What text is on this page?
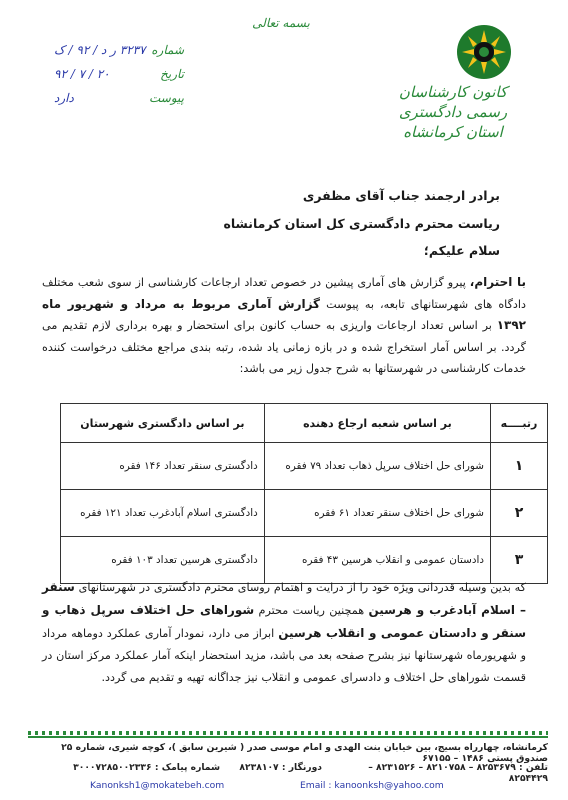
کانون کارشناسان رسمی دادگستری
استان کرمانشاه
بسمه تعالی
شماره
۳۲۳۷ ر د / ۹۲ / ک
تاریخ
۲۰ / ۷ / ۹۲
پیوست
دارد
برادر ارجمند جناب آقای مظفری
ریاست محترم دادگستری کل استان کرمانشاه
سلام علیکم؛
با احترام، پیرو گزارش های آماری پیشین در خصوص تعداد ارجاعات کارشناسی از سوی شعب مختلف دادگاه های شهرستانهای تابعه، به پیوست گزارش آماری مربوط به مرداد و شهریور ماه ۱۳۹۲ بر اساس تعداد ارجاعات واریزی به حساب کانون برای استحضار و بهره برداری لازم تقدیم می گردد. بر اساس آمار استخراج شده و در بازه زمانی یاد شده، رتبه بندی مراجع مختلف درخواست کننده خدمات کارشناسی در شهرستانها به شرح جدول زیر می باشد:
رتبــــه	بر اساس شعبه ارجاع دهنده	بر اساس دادگستری شهرستان
۱	شورای حل اختلاف سرپل ذهاب تعداد ۷۹ فقره	دادگستری سنقر تعداد ۱۴۶ فقره
۲	شورای حل اختلاف سنقر تعداد ۶۱ فقره	دادگستری اسلام آبادغرب تعداد ۱۲۱ فقره
۳	دادستان عمومی و انقلاب هرسین ۴۳ فقره	دادگستری هرسین تعداد ۱۰۳ فقره
که بدین وسیله قدردانی ویژه خود را از درایت و اهتمام روسای محترم دادگستری در شهرستانهای سنقر – اسلام آبادغرب و هرسین همچنین ریاست محترم شوراهای حل اختلاف سرپل ذهاب و سنقر و دادستان عمومی و انقلاب هرسین ابراز می دارد، نمودار آماری عملکرد دوماهه مرداد و شهریورماه شهرستانها نیز بشرح صفحه بعد می باشد، مزید استحضار اینکه آمار عملکرد مرکز استان در قسمت شوراهای حل اختلاف و دادسرای عمومی و انقلاب نیز جداگانه تهیه و تقدیم می گردد.
کرمانشاه، چهارراه بسیج، بین خیابان بنت الهدی و امام موسی صدر ( شیرین سابق )، کوچه شیری، شماره ۲۵ صندوق پستی ۱۴۸۶ – ۶۷۱۵۵
تلفن : ۸۲۵۳۶۷۹ – ۸۲۱۰۷۵۸ – ۸۲۳۱۵۲۶ – ۸۲۵۴۴۲۹
دورنگار : ۸۲۳۸۱۰۷
شماره پیامک : ۳۰۰۰۷۲۸۵۰۰۲۳۳۶
Kanonksh1@mokatebeh.com	Email : kanoonksh@yahoo.com
